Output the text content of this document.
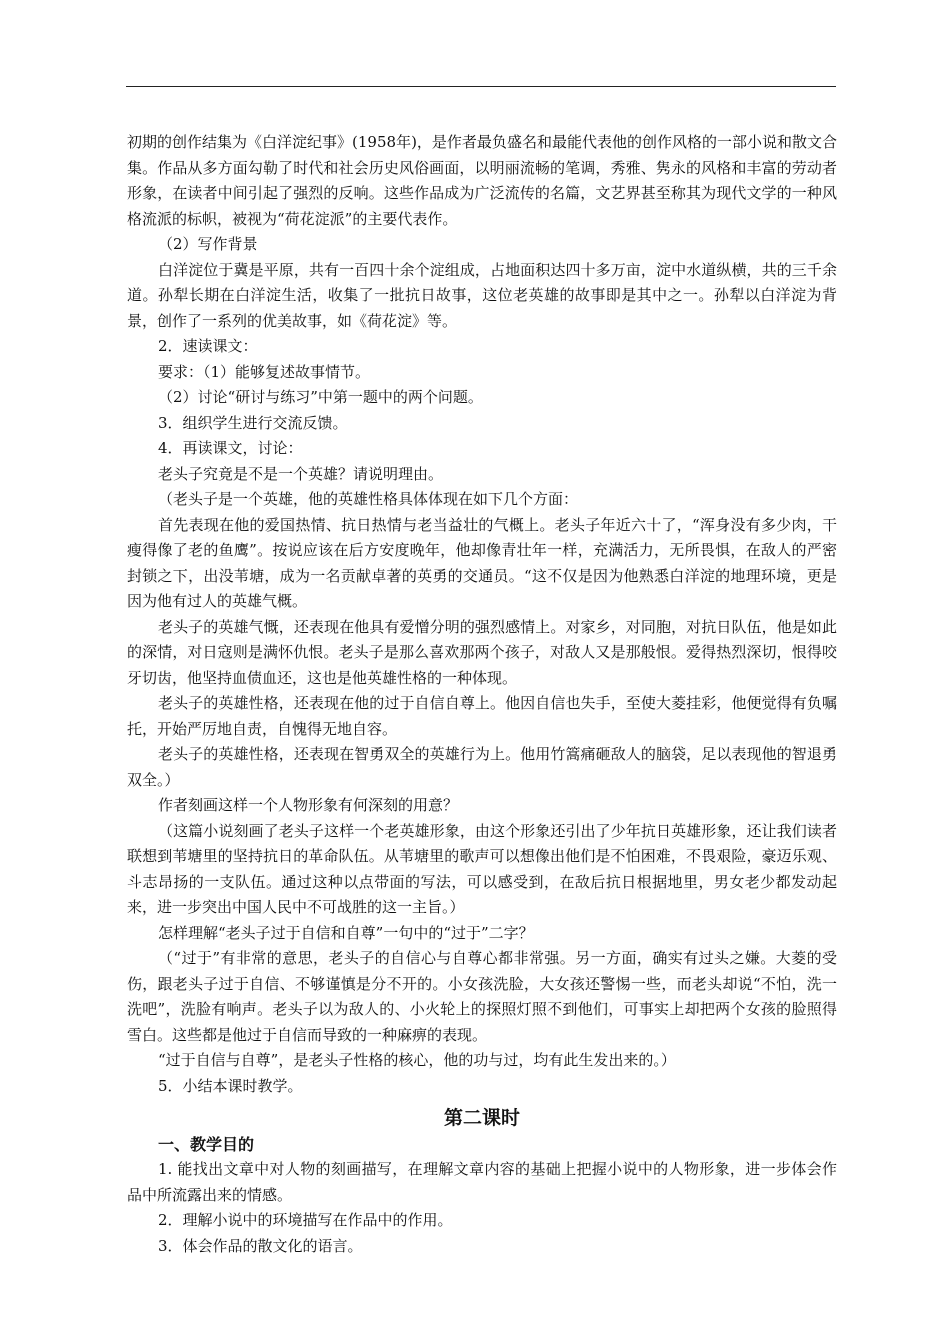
初期的创作结集为《白洋淀纪事》(1958年)，是作者最负盛名和最能代表他的创作风格的一部小说和散文合集。作品从多方面勾勒了时代和社会历史风俗画面，以明丽流畅的笔调，秀雅、隽永的风格和丰富的劳动者形象，在读者中间引起了强烈的反响。这些作品成为广泛流传的名篇，文艺界甚至称其为现代文学的一种风格流派的标帜，被视为“荷花淀派”的主要代表作。

（2）写作背景

白洋淀位于冀是平原，共有一百四十余个淀组成，占地面积达四十多万亩，淀中水道纵横，共的三千余道。孙犁长期在白洋淀生活，收集了一批抗日故事，这位老英雄的故事即是其中之一。孙犁以白洋淀为背景，创作了一系列的优美故事，如《荷花淀》等。

2．速读课文：

要求：（1）能够复述故事情节。

（2）讨论“研讨与练习”中第一题中的两个问题。

3．组织学生进行交流反馈。

4．再读课文，讨论：

老头子究竟是不是一个英雄？请说明理由。

（老头子是一个英雄，他的英雄性格具体体现在如下几个方面：

首先表现在他的爱国热情、抗日热情与老当益壮的气概上。老头子年近六十了，“浑身没有多少肉，干瘦得像了老的鱼鹰”。按说应该在后方安度晚年，他却像青壮年一样，充满活力，无所畏惧，在敌人的严密封锁之下，出没苇塘，成为一名贡献卓著的英勇的交通员。“这不仅是因为他熟悉白洋淀的地理环境，更是因为他有过人的英雄气概。

老头子的英雄气慨，还表现在他具有爱憎分明的强烈感情上。对家乡，对同胞，对抗日队伍，他是如此的深情，对日寇则是满怀仇恨。老头子是那么喜欢那两个孩子，对敌人又是那般恨。爱得热烈深切，恨得咬牙切齿，他坚持血债血还，这也是他英雄性格的一种体现。

老头子的英雄性格，还表现在他的过于自信自尊上。他因自信也失手，至使大菱挂彩，他便觉得有负嘱托，开始严厉地自责，自愧得无地自容。

老头子的英雄性格，还表现在智勇双全的英雄行为上。他用竹篙痛砸敌人的脑袋，足以表现他的智退勇双全。）

作者刻画这样一个人物形象有何深刻的用意？

（这篇小说刻画了老头子这样一个老英雄形象，由这个形象还引出了少年抗日英雄形象，还让我们读者联想到苇塘里的坚持抗日的革命队伍。从苇塘里的歌声可以想像出他们是不怕困难，不畏艰险，豪迈乐观、斗志昂扬的一支队伍。通过这种以点带面的写法，可以感受到，在敌后抗日根据地里，男女老少都发动起来，进一步突出中国人民中不可战胜的这一主旨。）

怎样理解“老头子过于自信和自尊”一句中的“过于”二字？

（“过于”有非常的意思，老头子的自信心与自尊心都非常强。另一方面，确实有过头之嫌。大菱的受伤，跟老头子过于自信、不够谨慎是分不开的。小女孩洗脸，大女孩还警惕一些，而老头却说“不怕，洗一洗吧”，洗脸有响声。老头子以为敌人的、小火轮上的探照灯照不到他们，可事实上却把两个女孩的脸照得雪白。这些都是他过于自信而导致的一种麻痹的表现。

“过于自信与自尊”，是老头子性格的核心，他的功与过，均有此生发出来的。）

5．小结本课时教学。

第二课时

一、教学目的

1. 能找出文章中对人物的刻画描写，在理解文章内容的基础上把握小说中的人物形象，进一步体会作品中所流露出来的情感。

2．理解小说中的环境描写在作品中的作用。

3．体会作品的散文化的语言。
